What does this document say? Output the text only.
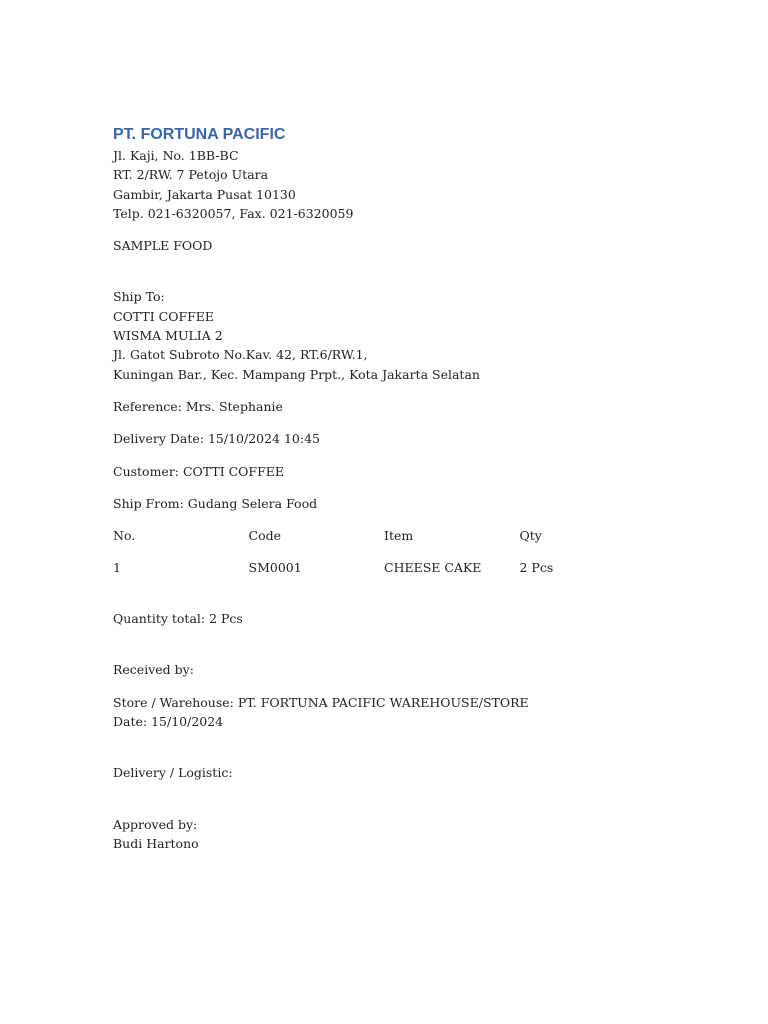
PT. FORTUNA PACIFIC
Jl. Kaji, No. 1BB-BC
RT. 2/RW. 7 Petojo Utara
Gambir, Jakarta Pusat 10130
Telp. 021-6320057, Fax. 021-6320059
SAMPLE FOOD
Ship To:
COTTI COFFEE
WISMA MULIA 2
Jl. Gatot Subroto No.Kav. 42, RT.6/RW.1,
Kuningan Bar., Kec. Mampang Prpt., Kota Jakarta Selatan
Reference: Mrs. Stephanie
Delivery Date: 15/10/2024 10:45
Customer: COTTI COFFEE
Ship From: Gudang Selera Food
No.	Code	Item	Qty
1	SM0001	CHEESE CAKE	2 Pcs
Quantity total: 2 Pcs
Received by:
Store / Warehouse: PT. FORTUNA PACIFIC WAREHOUSE/STORE
Date: 15/10/2024
Delivery / Logistic:
Approved by:
Budi Hartono
